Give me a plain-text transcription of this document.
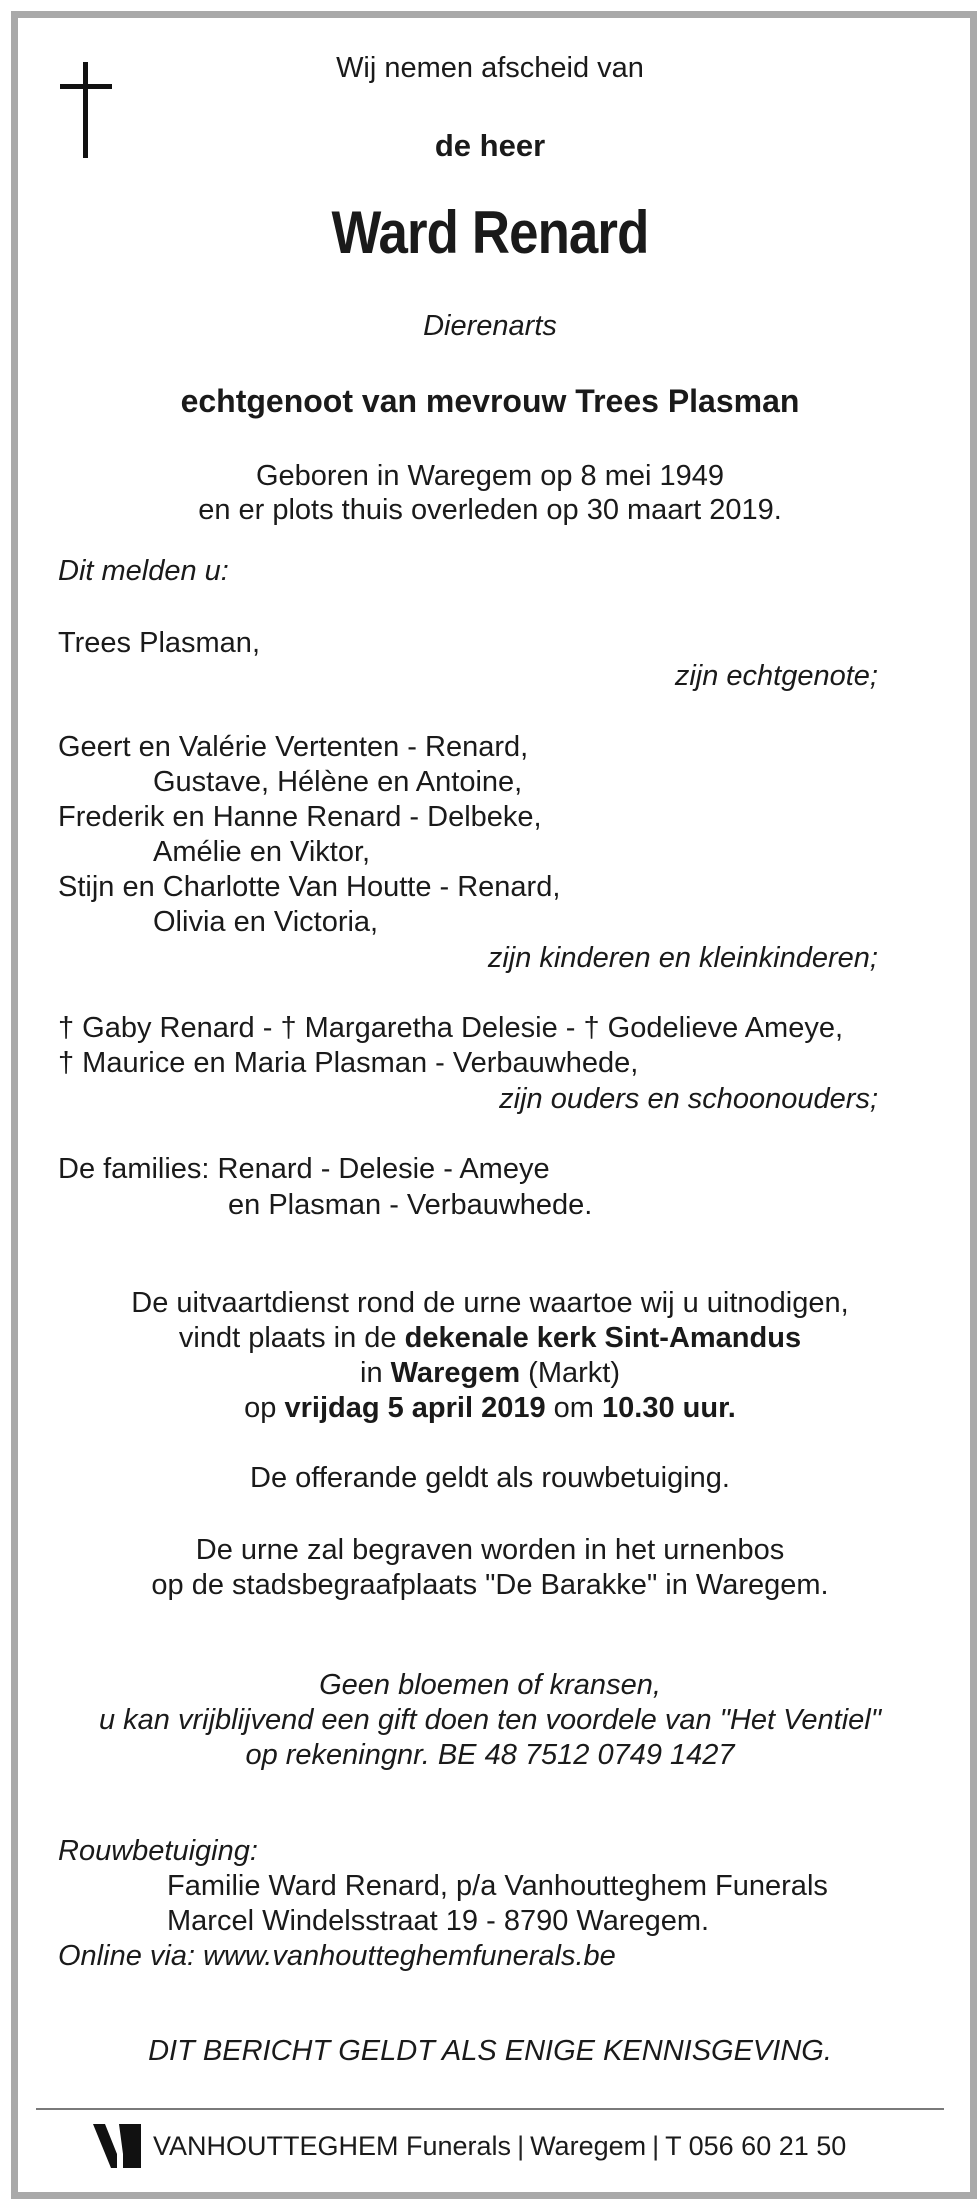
Wij nemen afscheid van
de heer
Ward Renard
Dierenarts
echtgenoot van mevrouw Trees Plasman
Geboren in Waregem op 8 mei 1949
en er plots thuis overleden op 30 maart 2019.
Dit melden u:
Trees Plasman,
zijn echtgenote;
Geert en Valérie Vertenten - Renard,
Gustave, Hélène en Antoine,
Frederik en Hanne Renard - Delbeke,
Amélie en Viktor,
Stijn en Charlotte Van Houtte - Renard,
Olivia en Victoria,
zijn kinderen en kleinkinderen;
† Gaby Renard - † Margaretha Delesie - † Godelieve Ameye,
† Maurice en Maria Plasman - Verbauwhede,
zijn ouders en schoonouders;
De families: Renard - Delesie - Ameye
en Plasman - Verbauwhede.
De uitvaartdienst rond de urne waartoe wij u uitnodigen,
vindt plaats in de dekenale kerk Sint-Amandus
in Waregem (Markt)
op vrijdag 5 april 2019 om 10.30 uur.
De offerande geldt als rouwbetuiging.
De urne zal begraven worden in het urnenbos
op de stadsbegraafplaats "De Barakke" in Waregem.
Geen bloemen of kransen,
u kan vrijblijvend een gift doen ten voordele van "Het Ventiel"
op rekeningnr. BE 48 7512 0749 1427
Rouwbetuiging:
Familie Ward Renard, p/a Vanhoutteghem Funerals
Marcel Windelsstraat 19 - 8790 Waregem.
Online via: www.vanhoutteghemfunerals.be
DIT BERICHT GELDT ALS ENIGE KENNISGEVING.
VANHOUTTEGHEM Funerals | Waregem | T 056 60 21 50
